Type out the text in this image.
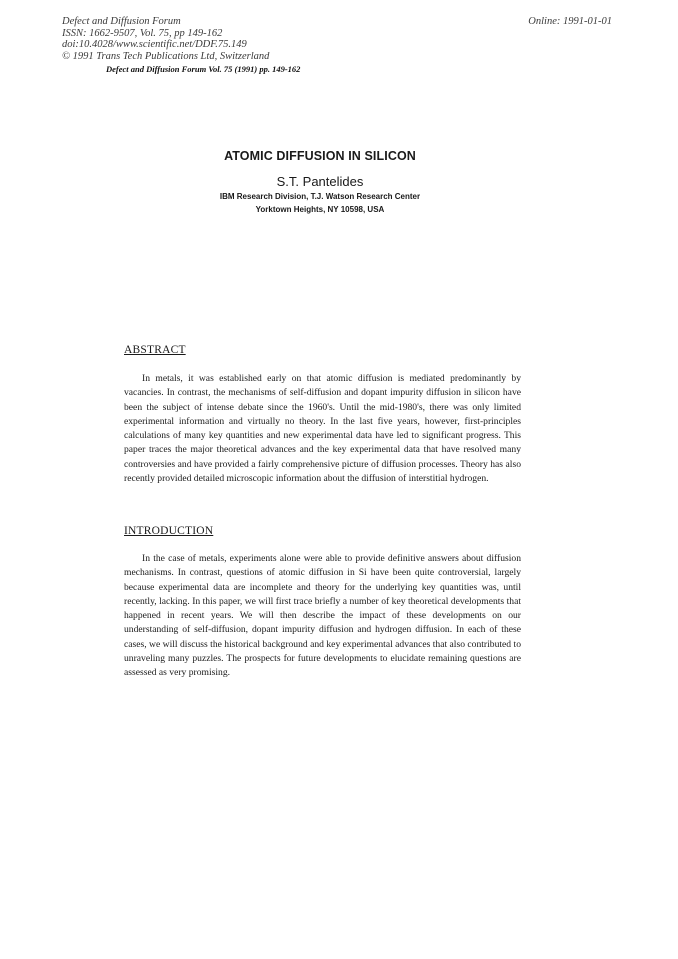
Defect and Diffusion Forum
ISSN: 1662-9507, Vol. 75, pp 149-162
doi:10.4028/www.scientific.net/DDF.75.149
© 1991 Trans Tech Publications Ltd, Switzerland
Online: 1991-01-01
Defect and Diffusion Forum Vol. 75 (1991) pp. 149-162
ATOMIC DIFFUSION IN SILICON
S.T. Pantelides
IBM Research Division, T.J. Watson Research Center
Yorktown Heights, NY 10598, USA
ABSTRACT

In metals, it was established early on that atomic diffusion is mediated predominantly by vacancies. In contrast, the mechanisms of self-diffusion and dopant impurity diffusion in silicon have been the subject of intense debate since the 1960's. Until the mid-1980's, there was only limited experimental information and virtually no theory. In the last five years, however, first-principles calculations of many key quantities and new experimental data have led to significant progress. This paper traces the major theoretical advances and the key experimental data that have resolved many controversies and have provided a fairly comprehensive picture of diffusion processes. Theory has also recently provided detailed microscopic information about the diffusion of interstitial hydrogen.

INTRODUCTION

In the case of metals, experiments alone were able to provide definitive answers about diffusion mechanisms. In contrast, questions of atomic diffusion in Si have been quite controversial, largely because experimental data are incomplete and theory for the underlying key quantities was, until recently, lacking. In this paper, we will first trace briefly a number of key theoretical developments that happened in recent years. We will then describe the impact of these developments on our understanding of self-diffusion, dopant impurity diffusion and hydrogen diffusion. In each of these cases, we will discuss the historical background and key experimental advances that also contributed to unraveling many puzzles. The prospects for future developments to elucidate remaining questions are assessed as very promising.
